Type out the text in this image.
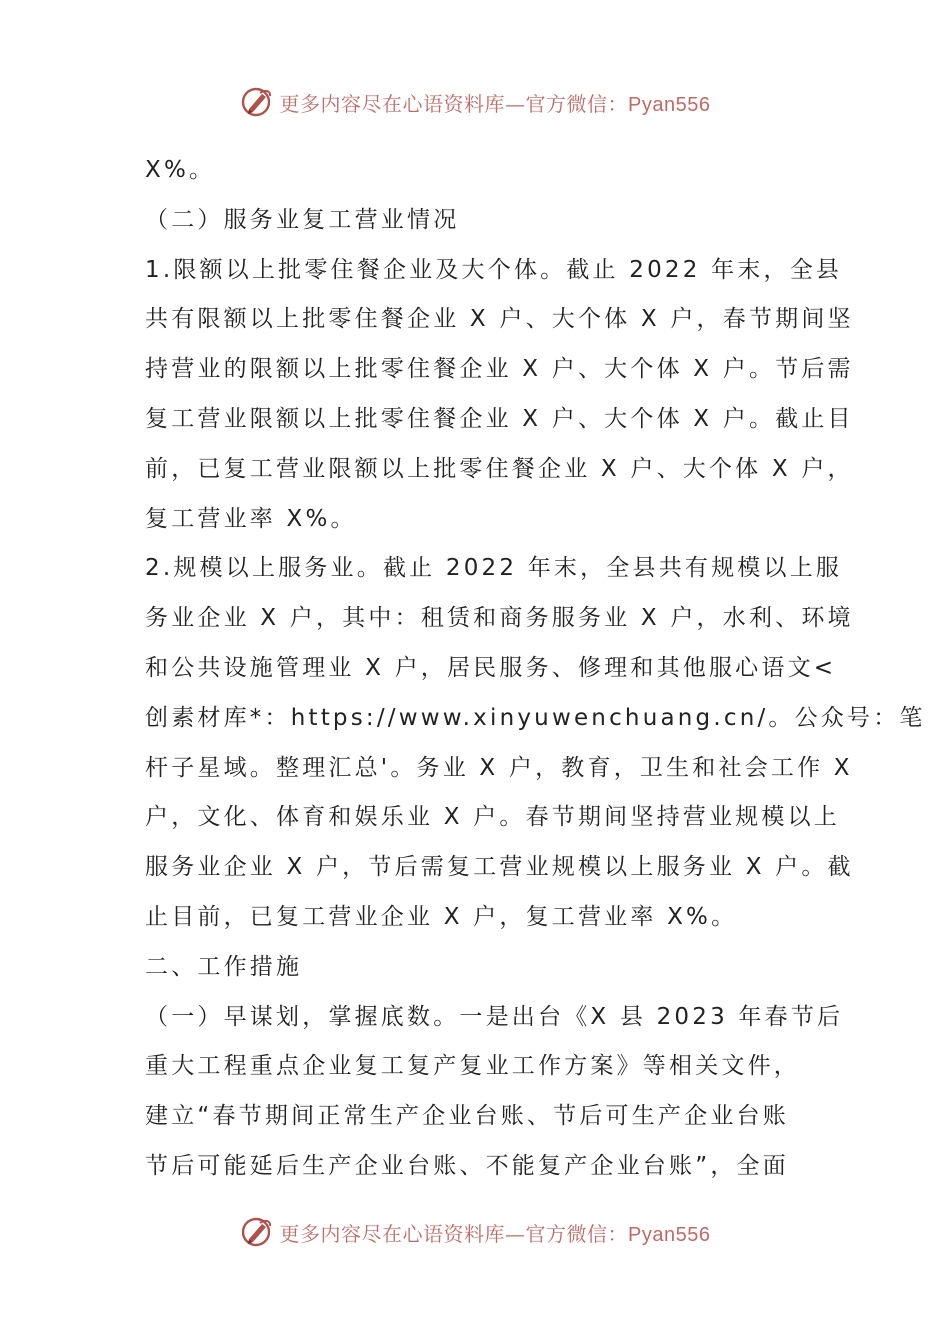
更多内容尽在心语资料库—官方微信：Pyan556
X%。
（二）服务业复工营业情况
1.限额以上批零住餐企业及大个体。截止 2022 年末，全县
共有限额以上批零住餐企业 X 户、大个体 X 户，春节期间坚
持营业的限额以上批零住餐企业 X 户、大个体 X 户。节后需
复工营业限额以上批零住餐企业 X 户、大个体 X 户。截止目
前，已复工营业限额以上批零住餐企业 X 户、大个体 X 户，
复工营业率 X%。
2.规模以上服务业。截止 2022 年末，全县共有规模以上服
务业企业 X 户，其中：租赁和商务服务业 X 户，水利、环境
和公共设施管理业 X 户，居民服务、修理和其他服心语文<
创素材库*：https://www.xinyuwenchuang.cn/。公众号：笔
杆子星域。整理汇总'。务业 X 户，教育，卫生和社会工作 X
户，文化、体育和娱乐业 X 户。春节期间坚持营业规模以上
服务业企业 X 户，节后需复工营业规模以上服务业 X 户。截
止目前，已复工营业企业 X 户，复工营业率 X%。
二、工作措施
（一）早谋划，掌握底数。一是出台《X 县 2023 年春节后
重大工程重点企业复工复产复业工作方案》等相关文件，
建立“春节期间正常生产企业台账、节后可生产企业台账
节后可能延后生产企业台账、不能复产企业台账”，全面
更多内容尽在心语资料库—官方微信：Pyan556
